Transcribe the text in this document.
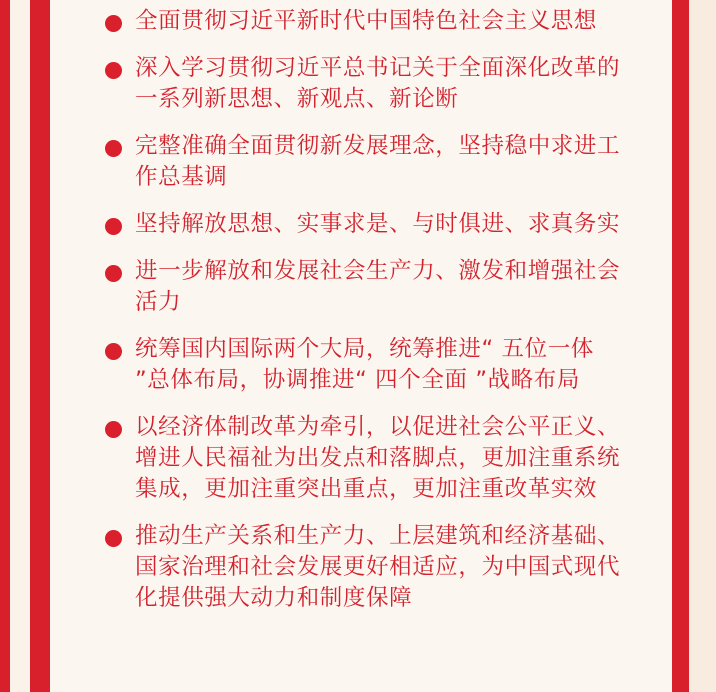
全面贯彻习近平新时代中国特色社会主义思想
深入学习贯彻习近平总书记关于全面深化改革的一系列新思想、新观点、新论断
完整准确全面贯彻新发展理念，坚持稳中求进工作总基调
坚持解放思想、实事求是、与时俱进、求真务实
进一步解放和发展社会生产力、激发和增强社会活力
统筹国内国际两个大局，统筹推进“ 五位一体 ”总体布局，协调推进“ 四个全面 ”战略布局
以经济体制改革为牵引，以促进社会公平正义、增进人民福祉为出发点和落脚点，更加注重系统集成，更加注重突出重点，更加注重改革实效
推动生产关系和生产力、上层建筑和经济基础、国家治理和社会发展更好相适应，为中国式现代化提供强大动力和制度保障
